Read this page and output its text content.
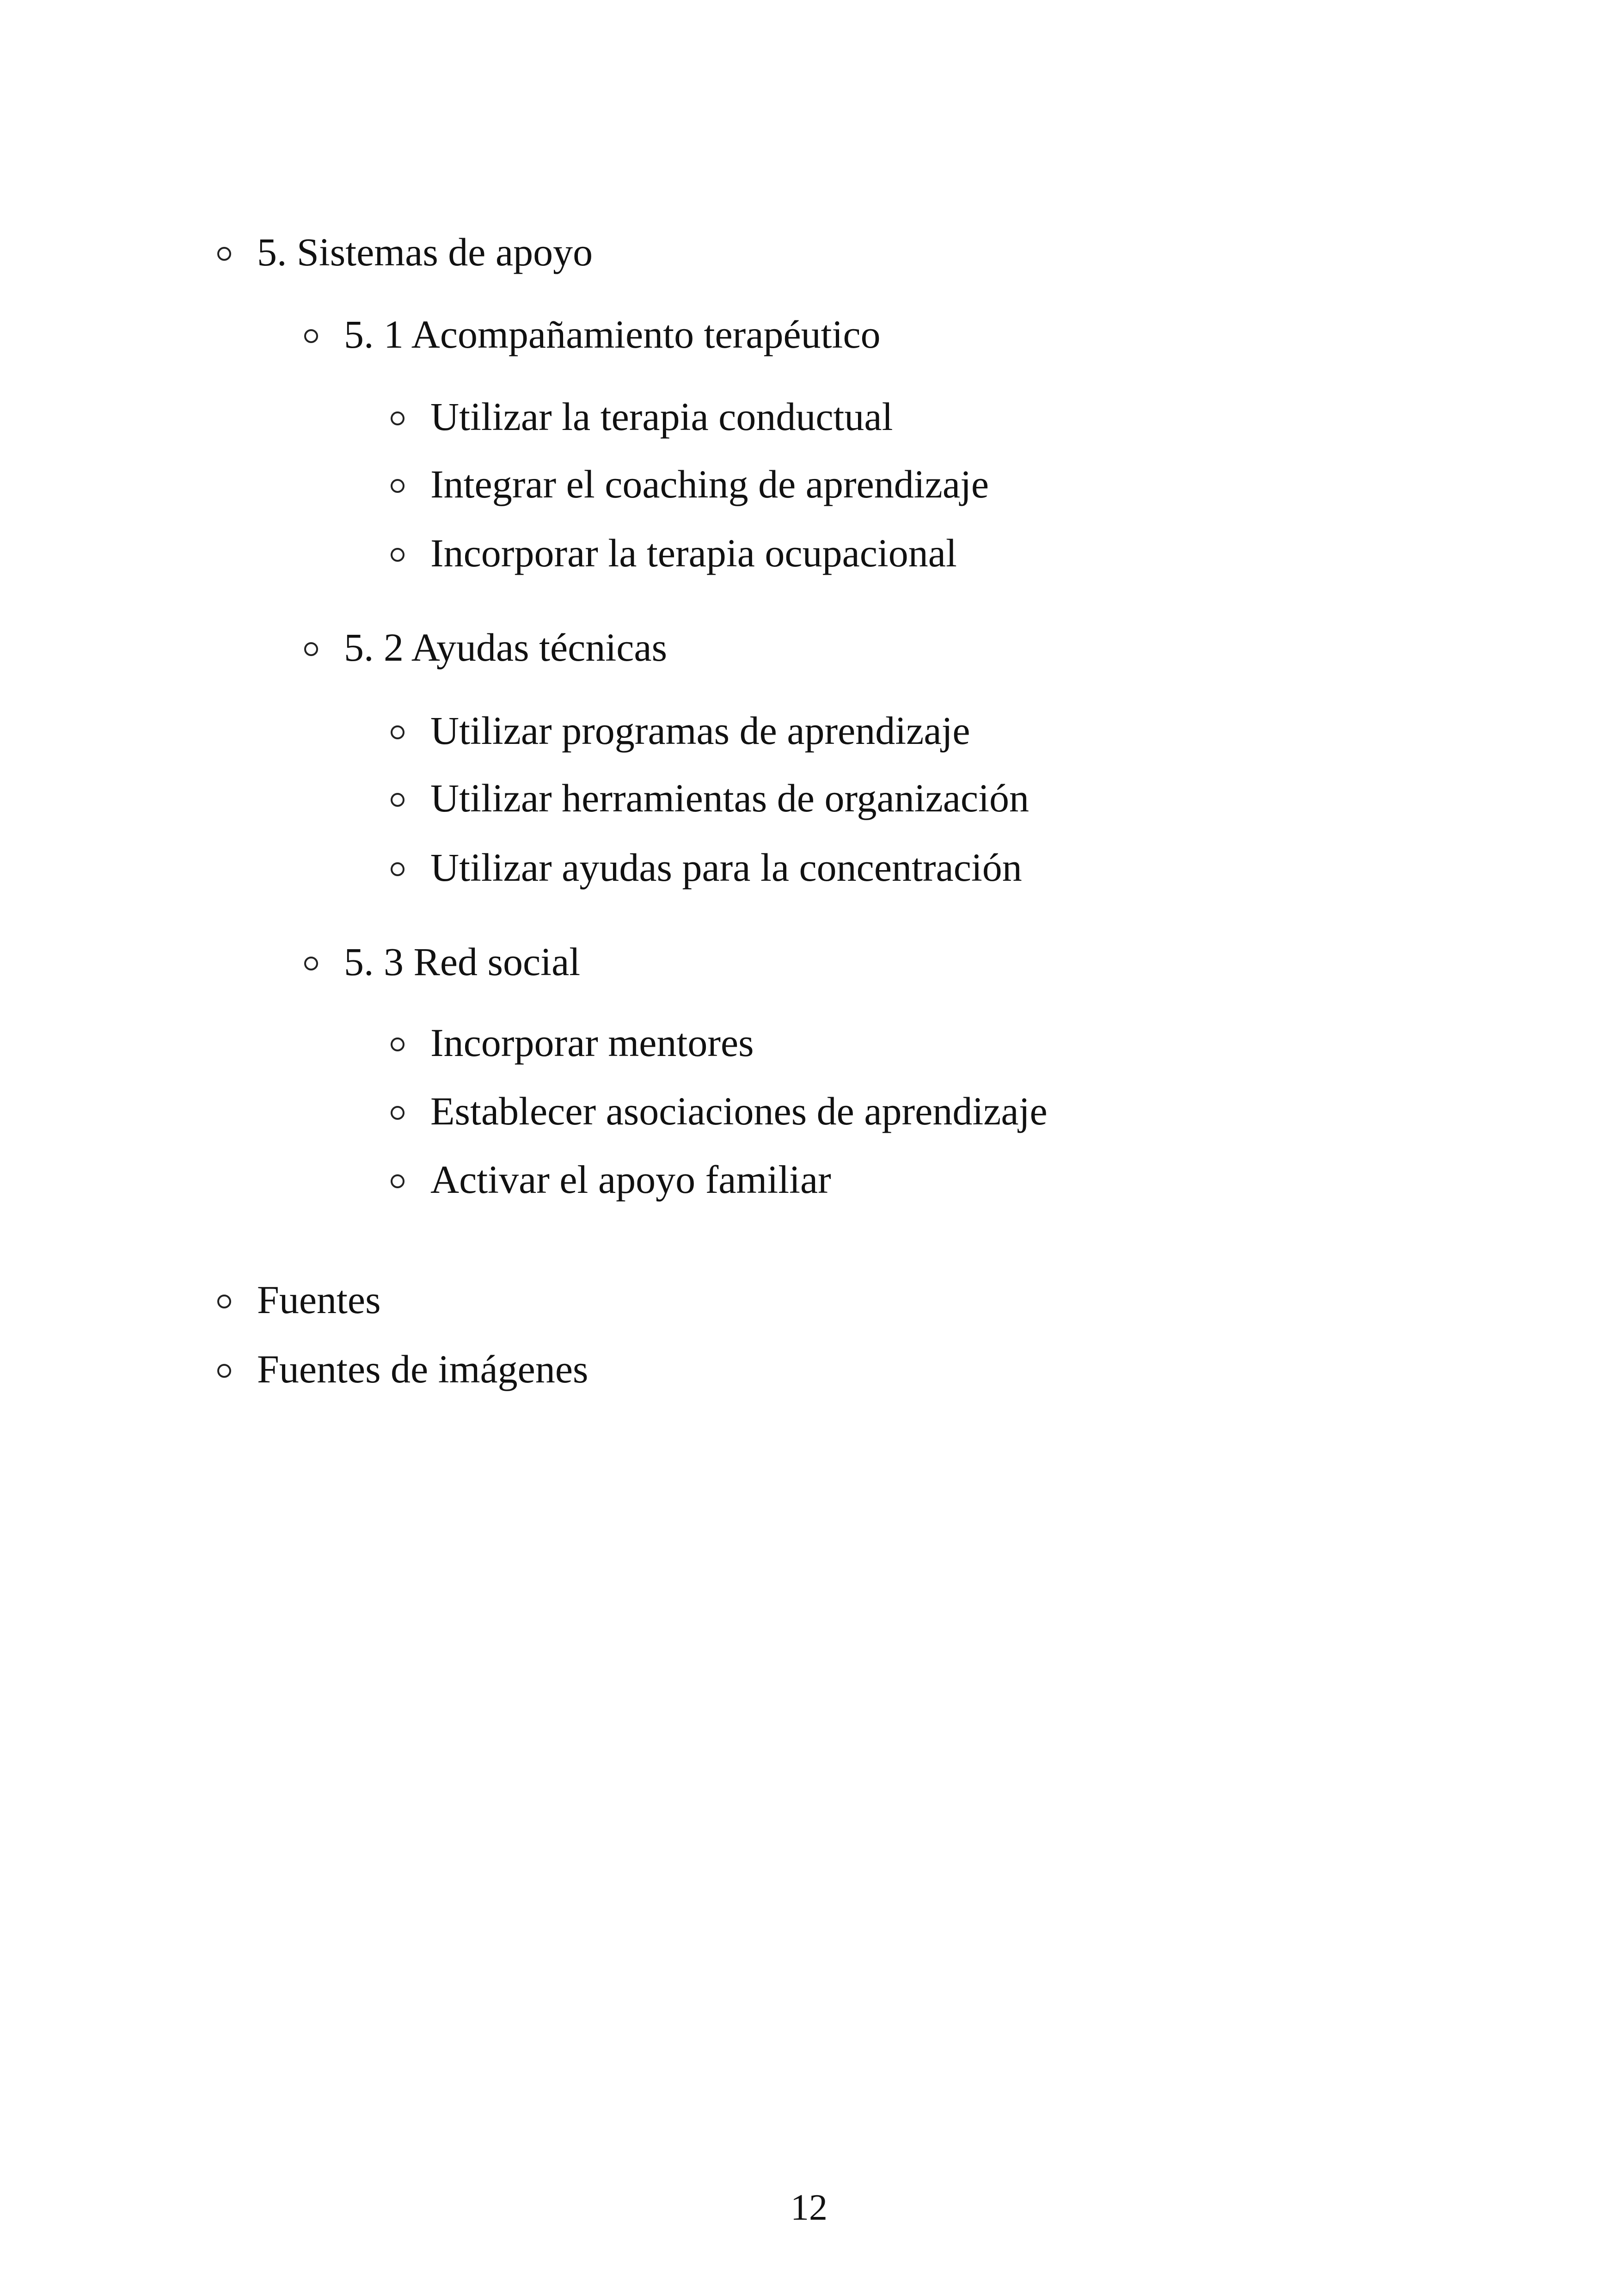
5. Sistemas de apoyo
5. 1 Acompañamiento terapéutico
Utilizar la terapia conductual
Integrar el coaching de aprendizaje
Incorporar la terapia ocupacional
5. 2 Ayudas técnicas
Utilizar programas de aprendizaje
Utilizar herramientas de organización
Utilizar ayudas para la concentración
5. 3 Red social
Incorporar mentores
Establecer asociaciones de aprendizaje
Activar el apoyo familiar
Fuentes
Fuentes de imágenes
12
